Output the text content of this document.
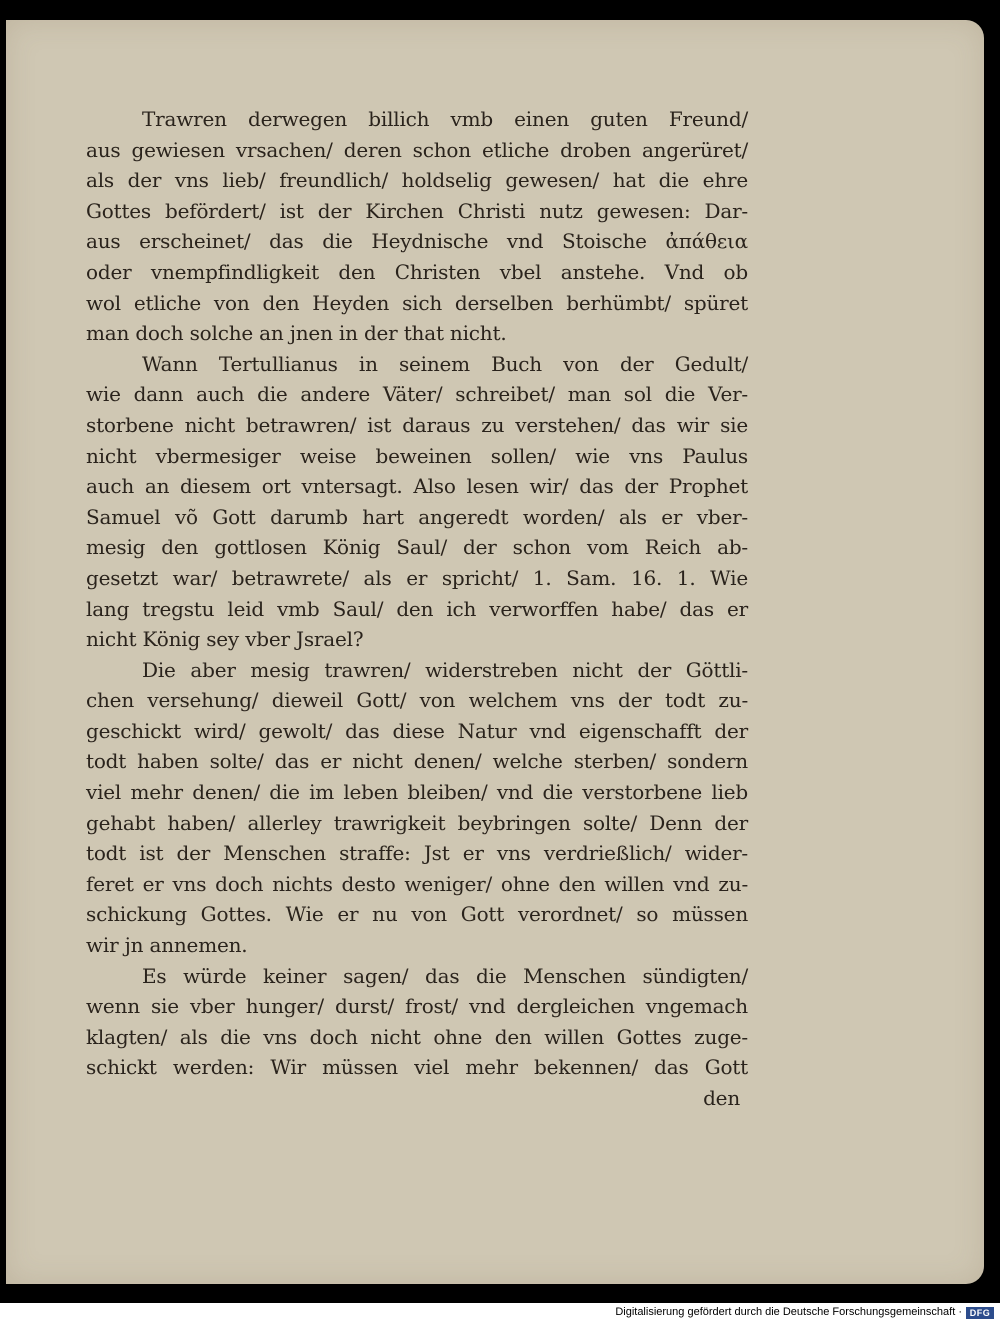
Trawren derwegen billich vmb einen guten Freund/
aus gewiesen vrsachen/ deren schon etliche droben angerüret/
als der vns lieb/ freundlich/ holdselig gewesen/ hat die ehre
Gottes befördert/ ist der Kirchen Christi nutz gewesen: Dar-
aus erscheinet/ das die Heydnische vnd Stoische ἀπάθεια
oder vnempfindligkeit den Christen vbel anstehe. Vnd ob
wol etliche von den Heyden sich derselben berhümbt/ spüret
man doch solche an jnen in der that nicht.
Wann Tertullianus in seinem Buch von der Gedult/
wie dann auch die andere Väter/ schreibet/ man sol die Ver-
storbene nicht betrawren/ ist daraus zu verstehen/ das wir sie
nicht vbermesiger weise beweinen sollen/ wie vns Paulus
auch an diesem ort vntersagt. Also lesen wir/ das der Prophet
Samuel võ Gott darumb hart angeredt worden/ als er vber-
mesig den gottlosen König Saul/ der schon vom Reich ab-
gesetzt war/ betrawrete/ als er spricht/ 1. Sam. 16. 1. Wie
lang tregstu leid vmb Saul/ den ich verworffen habe/ das er
nicht König sey vber Jsrael?
Die aber mesig trawren/ widerstreben nicht der Göttli-
chen versehung/ dieweil Gott/ von welchem vns der todt zu-
geschickt wird/ gewolt/ das diese Natur vnd eigenschafft der
todt haben solte/ das er nicht denen/ welche sterben/ sondern
viel mehr denen/ die im leben bleiben/ vnd die verstorbene lieb
gehabt haben/ allerley trawrigkeit beybringen solte/ Denn der
todt ist der Menschen straffe: Jst er vns verdrießlich/ wider-
feret er vns doch nichts desto weniger/ ohne den willen vnd zu-
schickung Gottes. Wie er nu von Gott verordnet/ so müssen
wir jn annemen.
Es würde keiner sagen/ das die Menschen sündigten/
wenn sie vber hunger/ durst/ frost/ vnd dergleichen vngemach
klagten/ als die vns doch nicht ohne den willen Gottes zuge-
schickt werden: Wir müssen viel mehr bekennen/ das Gott
den
Digitalisierung gefördert durch die Deutsche Forschungsgemeinschaft · DFG
